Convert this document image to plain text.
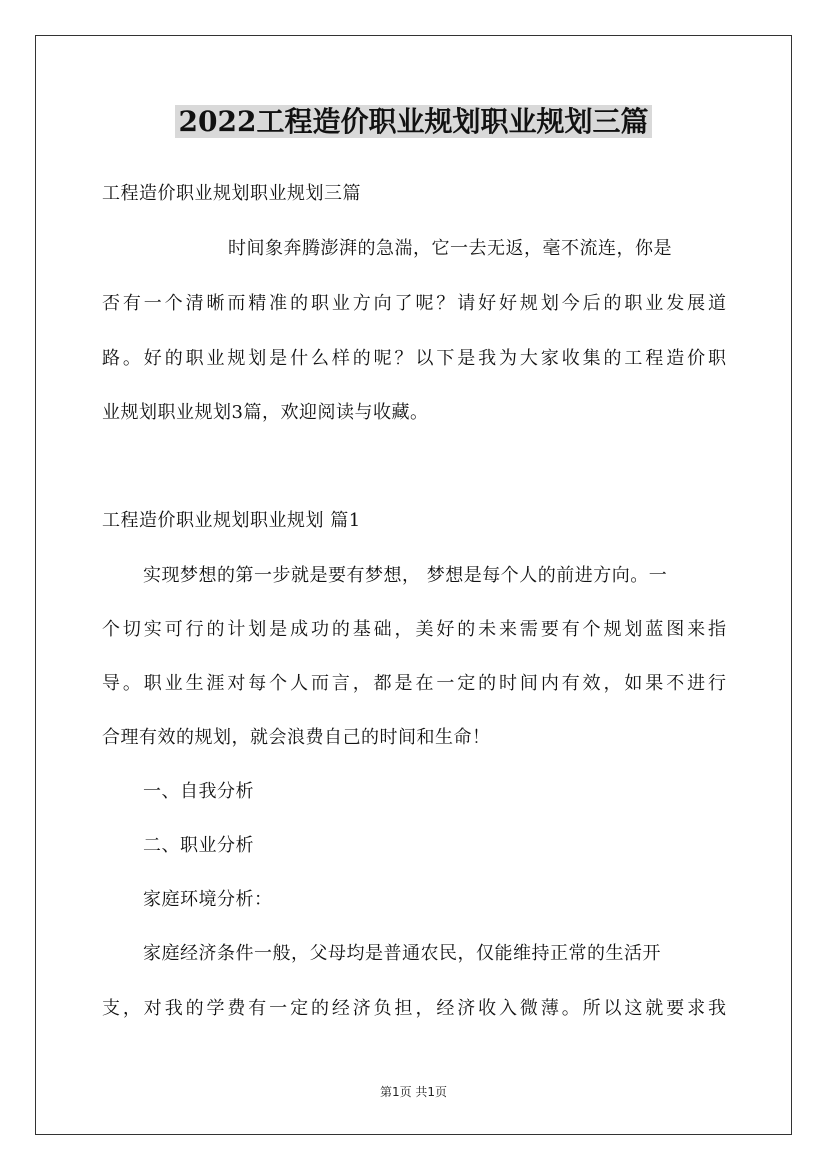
2022工程造价职业规划职业规划三篇
工程造价职业规划职业规划三篇
时间象奔腾澎湃的急湍，它一去无返，毫不流连，你是
否有一个清晰而精准的职业方向了呢？请好好规划今后的职业发展道
路。好的职业规划是什么样的呢？以下是我为大家收集的工程造价职
业规划职业规划3篇，欢迎阅读与收藏。
工程造价职业规划职业规划 篇1
实现梦想的第一步就是要有梦想， 梦想是每个人的前进方向。一
个切实可行的计划是成功的基础，美好的未来需要有个规划蓝图来指
导。职业生涯对每个人而言，都是在一定的时间内有效，如果不进行
合理有效的规划，就会浪费自己的时间和生命！
一、自我分析
二、职业分析
家庭环境分析：
家庭经济条件一般，父母均是普通农民，仅能维持正常的生活开
支，对我的学费有一定的经济负担，经济收入微薄。所以这就要求我
第1页 共1页
